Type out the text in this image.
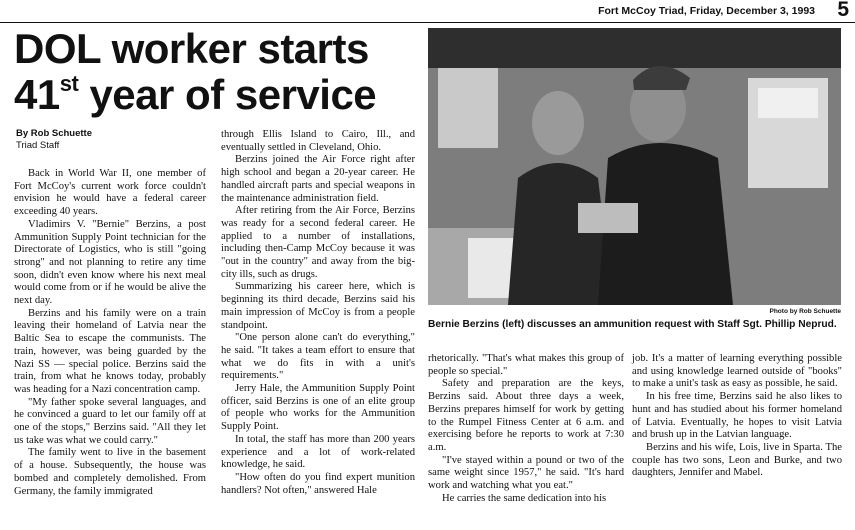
Fort McCoy Triad, Friday, December 3, 1993 5
DOL worker starts
41st year of service
By Rob Schuette
Triad Staff

Back in World War II, one member of Fort McCoy's current work force couldn't envision he would have a federal career exceeding 40 years.

Vladimirs V. "Bernie" Berzins, a post Ammunition Supply Point technician for the Directorate of Logistics, who is still "going strong" and not planning to retire any time soon, didn't even know where his next meal would come from or if he would be alive the next day.

Berzins and his family were on a train leaving their homeland of Latvia near the Baltic Sea to escape the communists. The train, however, was being guarded by the Nazi SS — special police. Berzins said the train, from what he knows today, probably was heading for a Nazi concentration camp.

"My father spoke several languages, and he convinced a guard to let our family off at one of the stops," Berzins said. "All they let us take was what we could carry."

The family went to live in the basement of a house. Subsequently, the house was bombed and completely demolished. From Germany, the family immigrated

through Ellis Island to Cairo, Ill., and eventually settled in Cleveland, Ohio.

Berzins joined the Air Force right after high school and began a 20-year career. He handled aircraft parts and special weapons in the maintenance administration field.

After retiring from the Air Force, Berzins was ready for a second federal career. He applied to a number of installations, including then-Camp McCoy because it was "out in the country" and away from the big-city ills, such as drugs.

Summarizing his career here, which is beginning its third decade, Berzins said his main impression of McCoy is from a people standpoint.

"One person alone can't do everything," he said. "It takes a team effort to ensure that what we do fits in with a unit's requirements."

Jerry Hale, the Ammunition Supply Point officer, said Berzins is one of an elite group of people who works for the Ammunition Supply Point.

In total, the staff has more than 200 years experience and a lot of work-related knowledge, he said.

"How often do you find expert munition handlers? Not often," answered Hale

Photo by Rob Schuette
Bernie Berzins (left) discusses an ammunition request with Staff Sgt. Phillip Neprud.

rhetorically. "That's what makes this group of people so special."

Safety and preparation are the keys, Berzins said. About three days a week, Berzins prepares himself for work by getting to the Rumpel Fitness Center at 6 a.m. and exercising before he reports to work at 7:30 a.m.

"I've stayed within a pound or two of the same weight since 1957," he said. "It's hard work and watching what you eat."

He carries the same dedication into his

job. It's a matter of learning everything possible and using knowledge learned outside of "books" to make a unit's task as easy as possible, he said.

In his free time, Berzins said he also likes to hunt and has studied about his former homeland of Latvia. Eventually, he hopes to visit Latvia and brush up in the Latvian language.

Berzins and his wife, Lois, live in Sparta. The couple has two sons, Leon and Burke, and two daughters, Jennifer and Mabel.
